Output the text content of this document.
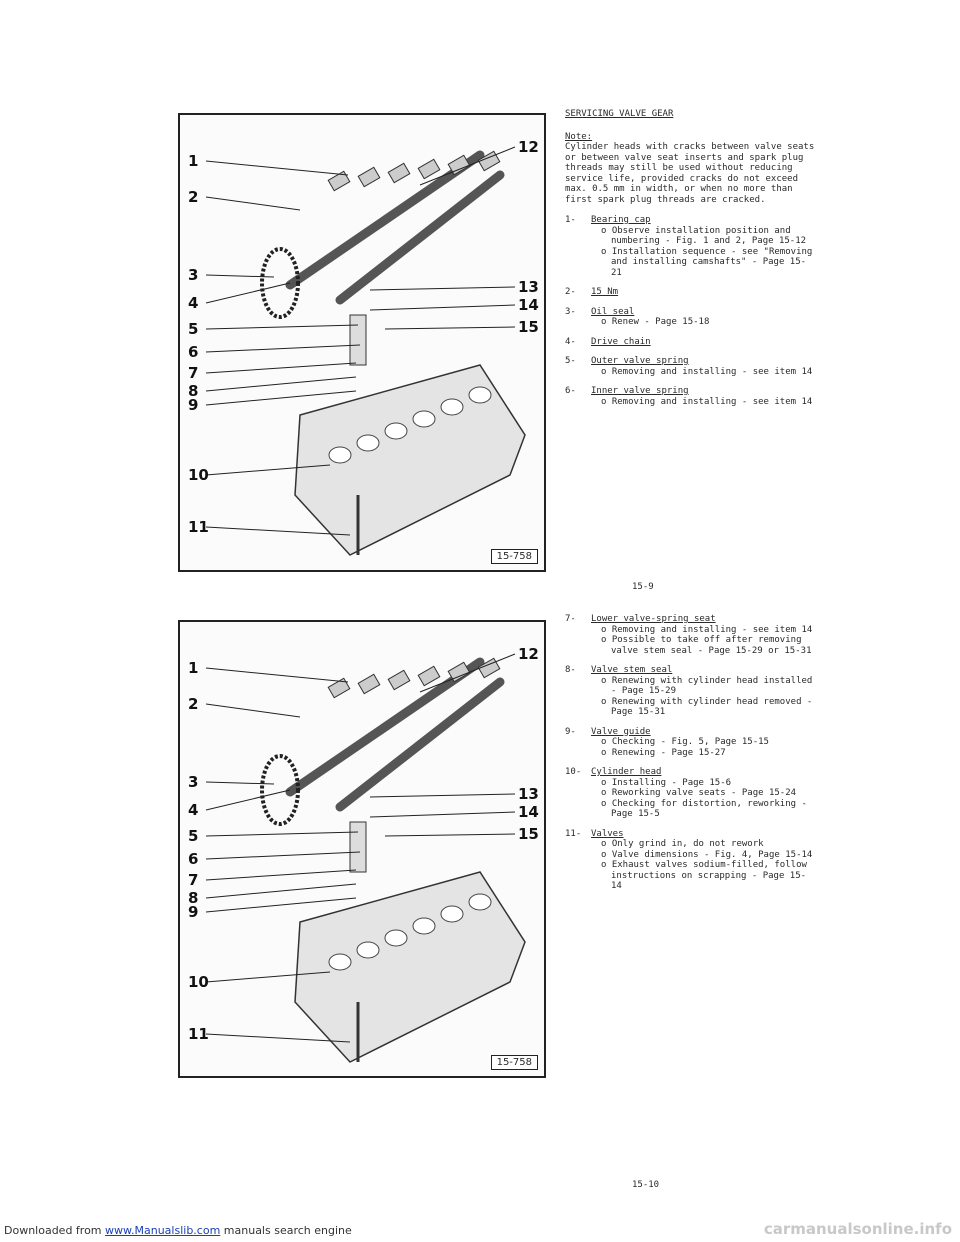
1
2
3
4
5
6
7
8
9
10
11
12
13
14
15
15-758
SERVICING VALVE GEAR
Note:

Cylinder heads with cracks between valve seats or between valve seat inserts and spark plug threads may still be used without reducing service life, provided cracks do not exceed max. 0.5 mm in width, or when no more than first spark plug threads are cracked.

1-	Bearing cap
o Observe installation position and numbering - Fig. 1 and 2, Page 15-12
o Installation sequence - see "Removing and installing camshafts" - Page 15-21
2-	15 Nm
3-	Oil seal
o Renew - Page 15-18
4-	Drive chain
5-	Outer valve spring
o Removing and installing - see item 14
6-	Inner valve spring
o Removing and installing - see item 14
15-9
1
2
3
4
5
6
7
8
9
10
11
12
13
14
15
15-758
7-	Lower valve-spring seat
o Removing and installing - see item 14
o Possible to take off after removing valve stem seal - Page 15-29 or 15-31
8-	Valve stem seal
o Renewing with cylinder head installed - Page 15-29
o Renewing with cylinder head removed - Page 15-31
9-	Valve guide
o Checking - Fig. 5, Page 15-15
o Renewing - Page 15-27
10-	Cylinder head
o Installing - Page 15-6
o Reworking valve seats - Page 15-24
o Checking for distortion, reworking - Page 15-5
11-	Valves
o Only grind in, do not rework
o Valve dimensions - Fig. 4, Page 15-14
o Exhaust valves sodium-filled, follow instructions on scrapping - Page 15-14
15-10
Downloaded from www.Manualslib.com manuals search engine	carmanualsonline.info
